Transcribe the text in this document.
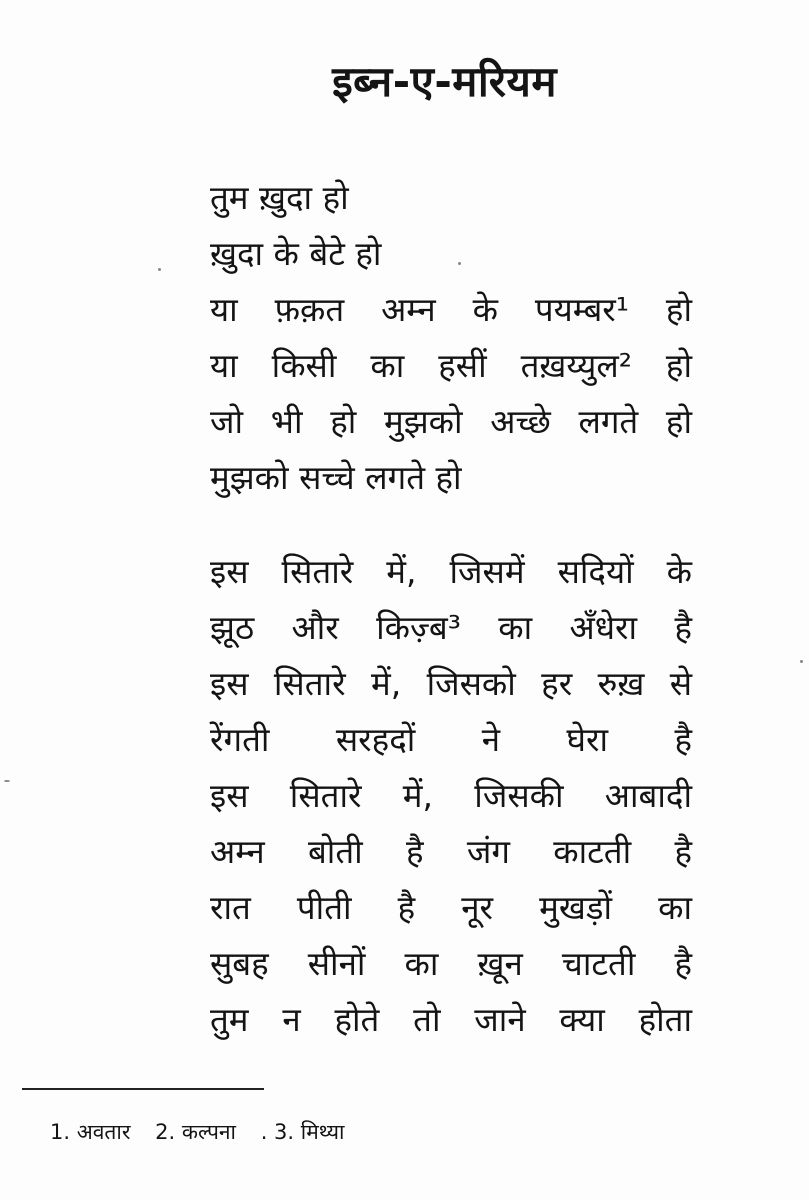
इब्न-ए-मरियम
तुम ख़ुदा हो
ख़ुदा के बेटे हो
या फ़क़त अम्न के पयम्बर¹ हो
या किसी का हसीं तख़य्युल² हो
जो भी हो मुझको अच्छे लगते हो
मुझको सच्चे लगते हो
इस सितारे में, जिसमें सदियों के
झूठ और किज़्ब³ का अँधेरा है
इस सितारे में, जिसको हर रुख़ से
रेंगती सरहदों ने घेरा है
इस सितारे में, जिसकी आबादी
अम्न बोती है जंग काटती है
रात पीती है नूर मुखड़ों का
सुबह सीनों का ख़ून चाटती है
तुम न होते तो जाने क्या होता
1. अवतार 2. कल्पना . 3. मिथ्या
